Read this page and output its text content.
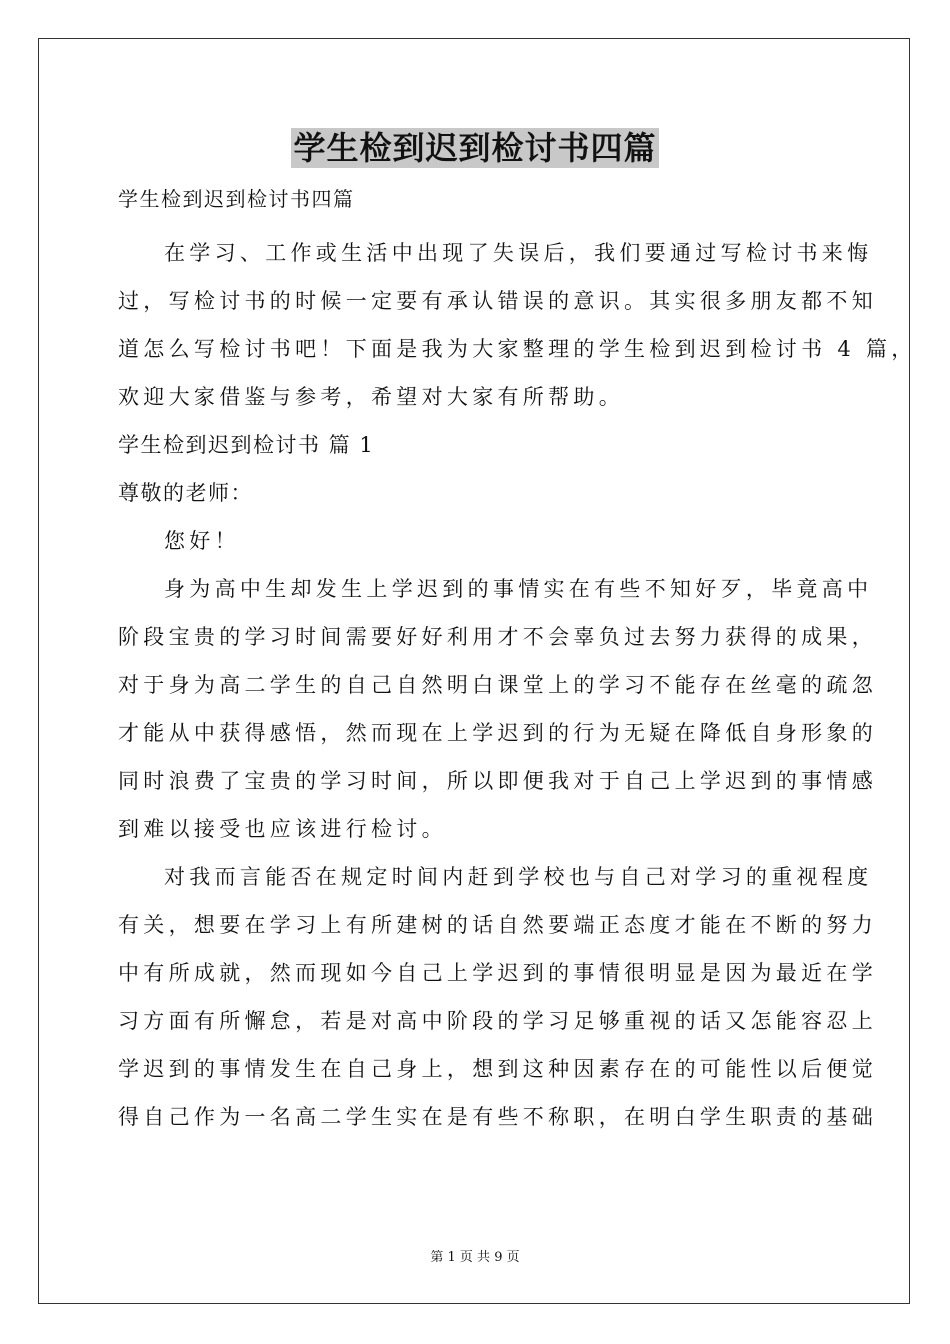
学生检到迟到检讨书四篇
学生检到迟到检讨书四篇
在学习、工作或生活中出现了失误后，我们要通过写检讨书来悔
过，写检讨书的时候一定要有承认错误的意识。其实很多朋友都不知
道怎么写检讨书吧！下面是我为大家整理的学生检到迟到检讨书 4 篇，
欢迎大家借鉴与参考，希望对大家有所帮助。
学生检到迟到检讨书 篇 1
尊敬的老师：
您好！
身为高中生却发生上学迟到的事情实在有些不知好歹，毕竟高中
阶段宝贵的学习时间需要好好利用才不会辜负过去努力获得的成果，
对于身为高二学生的自己自然明白课堂上的学习不能存在丝毫的疏忽
才能从中获得感悟，然而现在上学迟到的行为无疑在降低自身形象的
同时浪费了宝贵的学习时间，所以即便我对于自己上学迟到的事情感
到难以接受也应该进行检讨。
对我而言能否在规定时间内赶到学校也与自己对学习的重视程度
有关，想要在学习上有所建树的话自然要端正态度才能在不断的努力
中有所成就，然而现如今自己上学迟到的事情很明显是因为最近在学
习方面有所懈怠，若是对高中阶段的学习足够重视的话又怎能容忍上
学迟到的事情发生在自己身上，想到这种因素存在的可能性以后便觉
得自己作为一名高二学生实在是有些不称职，在明白学生职责的基础
第 1 页 共 9 页
